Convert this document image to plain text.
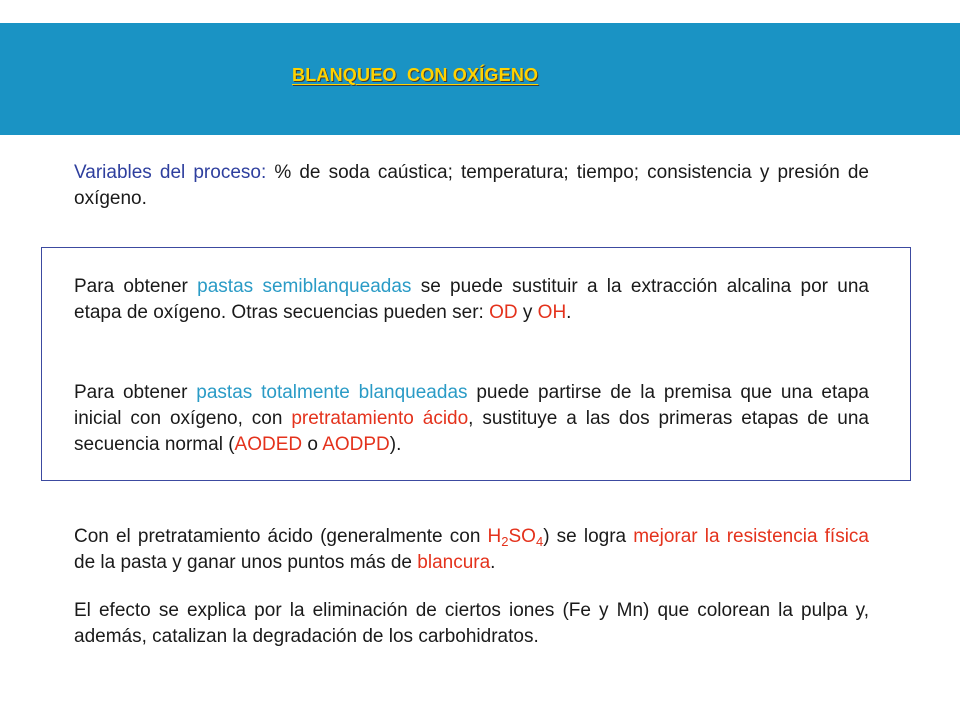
BLANQUEO  CON OXÍGENO

Variables del proceso: % de soda caústica; temperatura; tiempo; consistencia y presión de oxígeno.

Para obtener pastas semiblanqueadas se puede sustituir a la extracción alcalina por una etapa de oxígeno. Otras secuencias pueden ser: OD y OH.

Para obtener pastas totalmente blanqueadas puede partirse de la premisa que una etapa inicial con oxígeno, con pretratamiento ácido, sustituye a las dos primeras etapas de una secuencia normal (AODED o AODPD).

Con el pretratamiento ácido (generalmente con $H_2SO_4$) se logra mejorar la resistencia física de la pasta y ganar unos puntos más de blancura.

El efecto se explica por la eliminación de ciertos iones (Fe y Mn) que colorean la pulpa y, además, catalizan la degradación de los carbohidratos.
